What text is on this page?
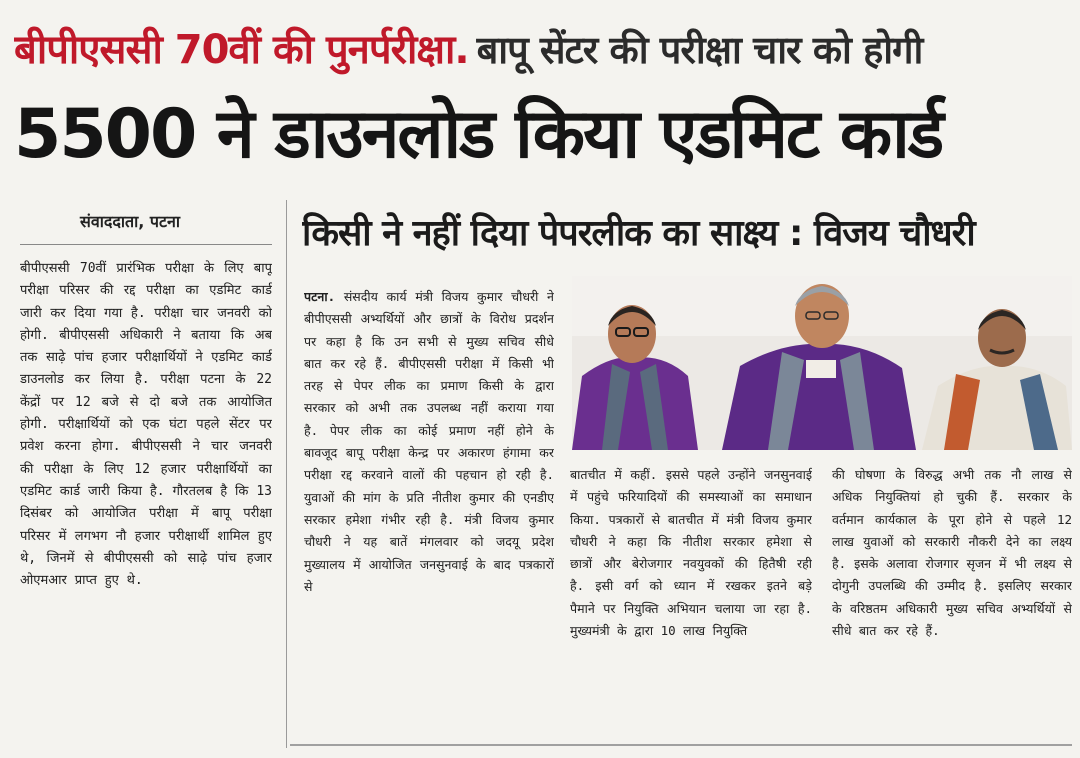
बीपीएससी 70वीं की पुनर्परीक्षा. बापू सेंटर की परीक्षा चार को होगी
5500 ने डाउनलोड किया एडमिट कार्ड
संवाददाता, पटना
बीपीएससी 70वीं प्रारंभिक परीक्षा के लिए बापू परीक्षा परिसर की रद्द परीक्षा का एडमिट कार्ड जारी कर दिया गया है. परीक्षा चार जनवरी को होगी. बीपीएससी अधिकारी ने बताया कि अब तक साढ़े पांच हजार परीक्षार्थियों ने एडमिट कार्ड डाउनलोड कर लिया है. परीक्षा पटना के 22 केंद्रों पर 12 बजे से दो बजे तक आयोजित होगी. परीक्षार्थियों को एक घंटा पहले सेंटर पर प्रवेश करना होगा. बीपीएससी ने चार जनवरी की परीक्षा के लिए 12 हजार परीक्षार्थियों का एडमिट कार्ड जारी किया है. गौरतलब है कि 13 दिसंबर को आयोजित परीक्षा में बापू परीक्षा परिसर में लगभग नौ हजार परीक्षार्थी शामिल हुए थे, जिनमें से बीपीएससी को साढ़े पांच हजार ओएमआर प्राप्त हुए थे.
किसी ने नहीं दिया पेपरलीक का साक्ष्य : विजय चौधरी
पटना. संसदीय कार्य मंत्री विजय कुमार चौधरी ने बीपीएससी अभ्यर्थियों और छात्रों के विरोध प्रदर्शन पर कहा है कि उन सभी से मुख्य सचिव सीधे बात कर रहे हैं. बीपीएससी परीक्षा में किसी भी तरह से पेपर लीक का प्रमाण किसी के द्वारा सरकार को अभी तक उपलब्ध नहीं कराया गया है. पेपर लीक का कोई प्रमाण नहीं होने के बावजूद बापू परीक्षा केन्द्र पर अकारण हंगामा कर परीक्षा रद्द करवाने वालों की पहचान हो रही है. युवाओं की मांग के प्रति नीतीश कुमार की एनडीए सरकार हमेशा गंभीर रही है. मंत्री विजय कुमार चौधरी ने यह बातें मंगलवार को जदयू प्रदेश मुख्यालय में आयोजित जनसुनवाई के बाद पत्रकारों से
बातचीत में कहीं. इससे पहले उन्होंने जनसुनवाई में पहुंचे फरियादियों की समस्याओं का समाधान किया. पत्रकारों से बातचीत में मंत्री विजय कुमार चौधरी ने कहा कि नीतीश सरकार हमेशा से छात्रों और बेरोजगार नवयुवकों की हितैषी रही है. इसी वर्ग को ध्यान में रखकर इतने बड़े पैमाने पर नियुक्ति अभियान चलाया जा रहा है. मुख्यमंत्री के द्वारा 10 लाख नियुक्ति
की घोषणा के विरुद्ध अभी तक नौ लाख से अधिक नियुक्तियां हो चुकी हैं. सरकार के वर्तमान कार्यकाल के पूरा होने से पहले 12 लाख युवाओं को सरकारी नौकरी देने का लक्ष्य है. इसके अलावा रोजगार सृजन में भी लक्ष्य से दोगुनी उपलब्धि की उम्मीद है. इसलिए सरकार के वरिष्ठतम अधिकारी मुख्य सचिव अभ्यर्थियों से सीधे बात कर रहे हैं.
